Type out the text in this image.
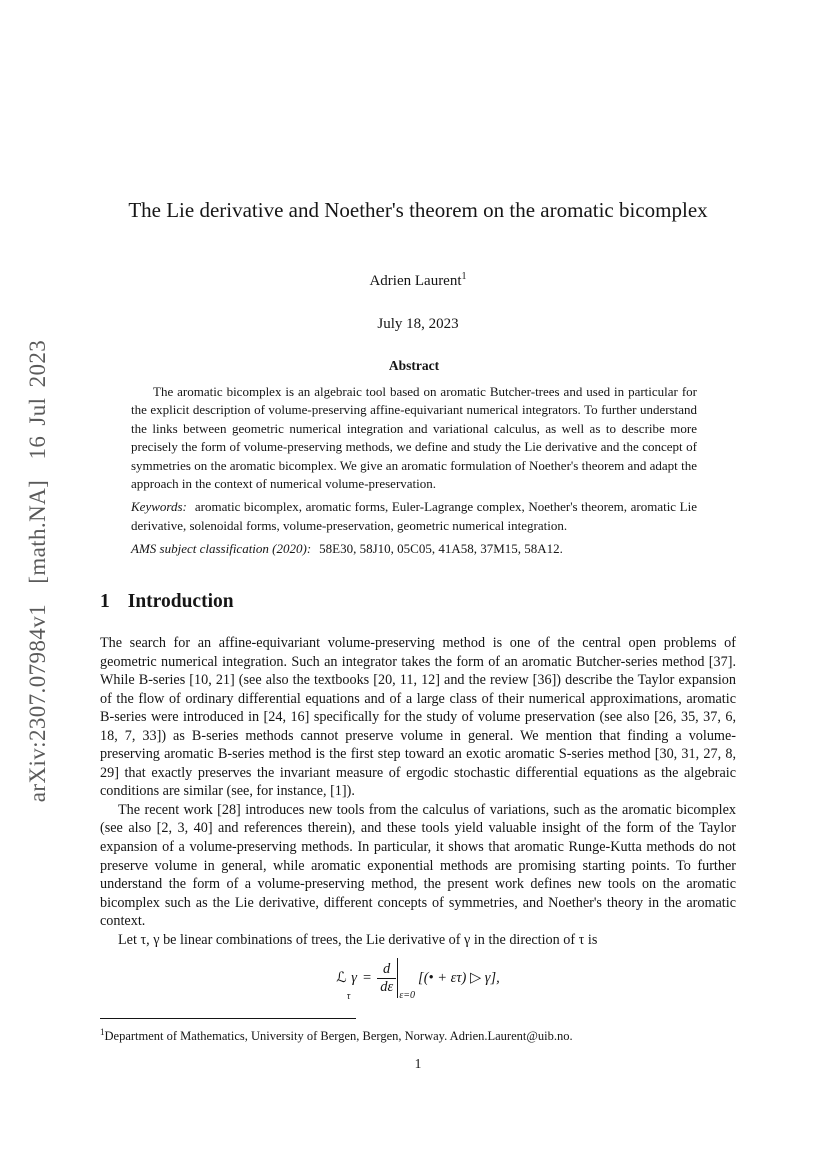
arXiv:2307.07984v1  [math.NA]  16 Jul 2023
The Lie derivative and Noether's theorem on the aromatic bicomplex
Adrien Laurent$^1$
July 18, 2023
Abstract

The aromatic bicomplex is an algebraic tool based on aromatic Butcher-trees and used in particular for the explicit description of volume-preserving affine-equivariant numerical integrators. To further understand the links between geometric numerical integration and variational calculus, as well as to describe more precisely the form of volume-preserving methods, we define and study the Lie derivative and the concept of symmetries on the aromatic bicomplex. We give an aromatic formulation of Noether's theorem and adapt the approach in the context of numerical volume-preservation.

Keywords: aromatic bicomplex, aromatic forms, Euler-Lagrange complex, Noether's theorem, aromatic Lie derivative, solenoidal forms, volume-preservation, geometric numerical integration.

AMS subject classification (2020): 58E30, 58J10, 05C05, 41A58, 37M15, 58A12.

1 Introduction

The search for an affine-equivariant volume-preserving method is one of the central open problems of geometric numerical integration. Such an integrator takes the form of an aromatic Butcher-series method [37]. While B-series [10, 21] (see also the textbooks [20, 11, 12] and the review [36]) describe the Taylor expansion of the flow of ordinary differential equations and of a large class of their numerical approximations, aromatic B-series were introduced in [24, 16] specifically for the study of volume preservation (see also [26, 35, 37, 6, 18, 7, 33]) as B-series methods cannot preserve volume in general. We mention that finding a volume-preserving aromatic B-series method is the first step toward an exotic aromatic S-series method [30, 31, 27, 8, 29] that exactly preserves the invariant measure of ergodic stochastic differential equations as the algebraic conditions are similar (see, for instance, [1]).

The recent work [28] introduces new tools from the calculus of variations, such as the aromatic bicomplex (see also [2, 3, 40] and references therein), and these tools yield valuable insight of the form of the Taylor expansion of a volume-preserving methods. In particular, it shows that aromatic Runge-Kutta methods do not preserve volume in general, while aromatic exponential methods are promising starting points. To further understand the form of a volume-preserving method, the present work defines new tools on the aromatic bicomplex such as the Lie derivative, different concepts of symmetries, and Noether's theory in the aromatic context.

Let τ, γ be linear combinations of trees, the Lie derivative of γ in the direction of τ is

ℒ
τ
$\gamma = \frac{d}{d\varepsilon}$
ε=0
[(• + ετ) ▷ γ],

$^1$Department of Mathematics, University of Bergen, Bergen, Norway. Adrien.Laurent@uib.no.

1
